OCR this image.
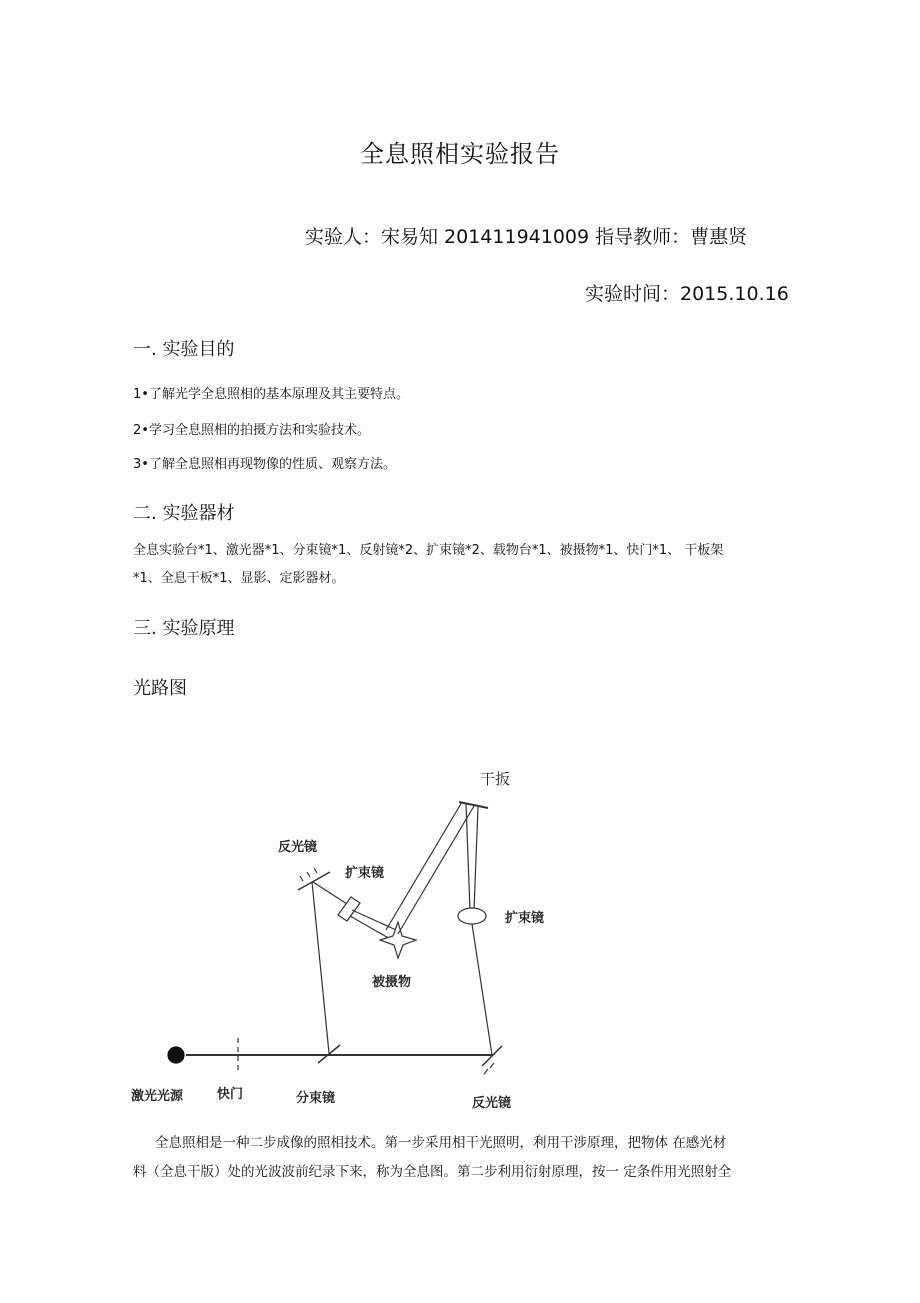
全息照相实验报告
实验人：宋易知 201411941009 指导教师：曹惠贤
实验时间：2015.10.16
一. 实验目的
1•了解光学全息照相的基本原理及其主要特点。
2•学习全息照相的拍摄方法和实验技术。
3•了解全息照相再现物像的性质、观察方法。
二. 实验器材
全息实验台*1、激光器*1、分束镜*1、反射镜*2、扩束镜*2、载物台*1、被摄物*1、快门*1、 干板架
*1、全息干板*1、显影、定影器材。
三. 实验原理
光路图
干扳
反光镜
扩束镜
扩束镜
被摄物
激光光源	快门	分束镜	反光镜
全息照相是一种二步成像的照相技术。第一步采用相干光照明，利用干涉原理，把物体 在感光材
料（全息干版）处的光波波前纪录下来，称为全息图。第二步利用衍射原理，按一 定条件用光照射全
